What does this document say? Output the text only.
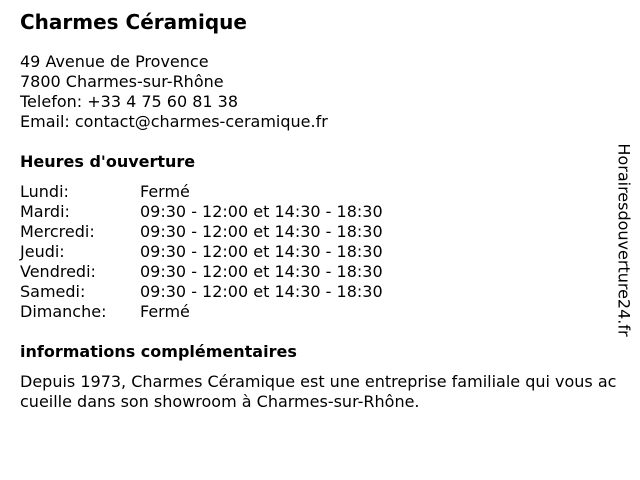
Charmes Céramique
49 Avenue de Provence
7800 Charmes-sur-Rhône
Telefon: +33 4 75 60 81 38
Email: contact@charmes-ceramique.fr
Heures d'ouverture
Lundi:	Fermé
Mardi:	09:30 - 12:00 et 14:30 - 18:30
Mercredi:	09:30 - 12:00 et 14:30 - 18:30
Jeudi:	09:30 - 12:00 et 14:30 - 18:30
Vendredi:	09:30 - 12:00 et 14:30 - 18:30
Samedi:	09:30 - 12:00 et 14:30 - 18:30
Dimanche:	Fermé
informations complémentaires
Depuis 1973, Charmes Céramique est une entreprise familiale qui vous accueille dans son showroom à Charmes-sur-Rhône.
Horairesdouverture24.fr
